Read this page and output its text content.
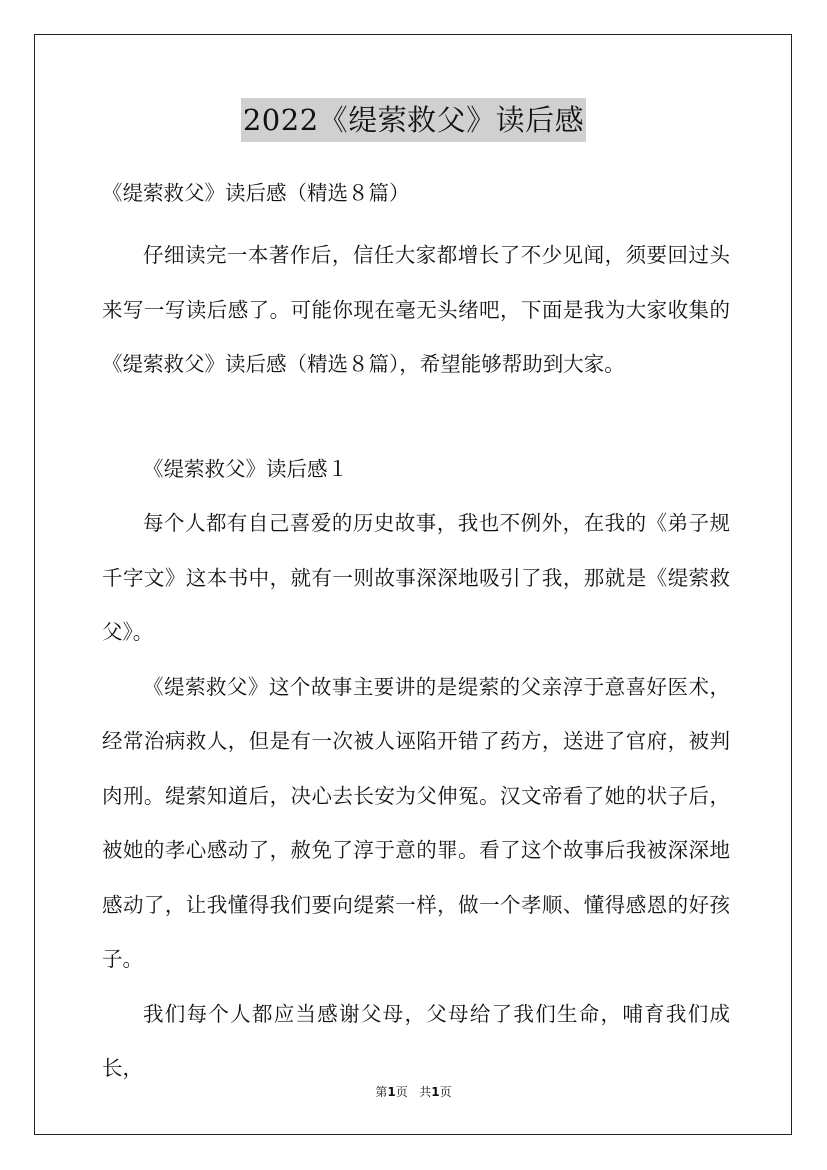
2022《缇萦救父》读后感

《缇萦救父》读后感（精选８篇）

仔细读完一本著作后，信任大家都增长了不少见闻，须要回过头来写一写读后感了。可能你现在毫无头绪吧，下面是我为大家收集的《缇萦救父》读后感（精选８篇），希望能够帮助到大家。

《缇萦救父》读后感１

每个人都有自己喜爱的历史故事，我也不例外，在我的《弟子规千字文》这本书中，就有一则故事深深地吸引了我，那就是《缇萦救父》。

《缇萦救父》这个故事主要讲的是缇萦的父亲淳于意喜好医术，经常治病救人，但是有一次被人诬陷开错了药方，送进了官府，被判肉刑。缇萦知道后，决心去长安为父伸冤。汉文帝看了她的状子后，被她的孝心感动了，赦免了淳于意的罪。看了这个故事后我被深深地感动了，让我懂得我们要向缇萦一样，做一个孝顺、懂得感恩的好孩子。

我们每个人都应当感谢父母，父母给了我们生命，哺育我们成长，

第1页   共1页
